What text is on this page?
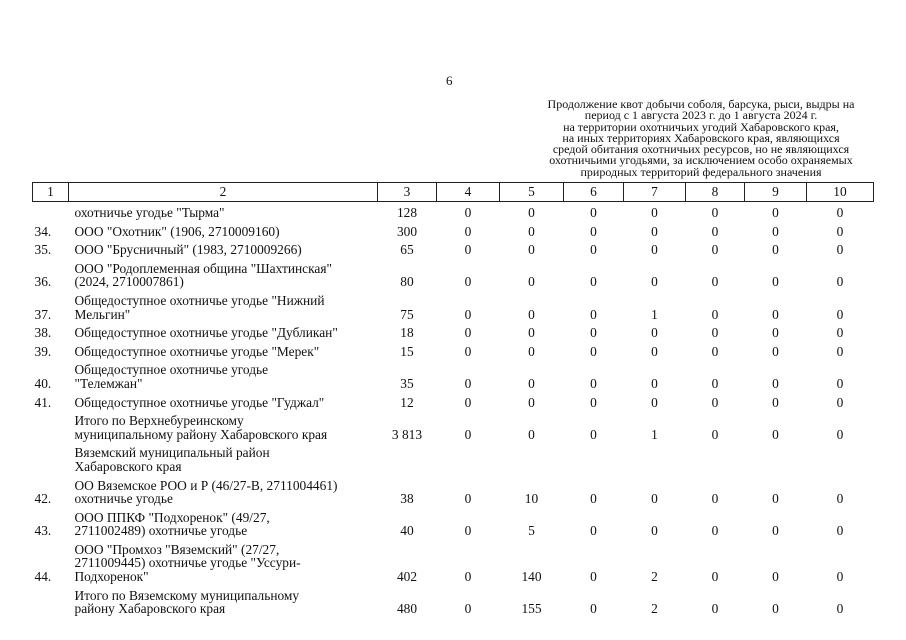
6
Продолжение квот добычи соболя, барсука, рыси, выдры на
период с 1 августа 2023 г. до 1 августа 2024 г.
на территории охотничьих угодий Хабаровского края,
на иных территориях Хабаровского края, являющихся
средой обитания охотничьих ресурсов, но не являющихся
охотничьими угодьями, за исключением особо охраняемых
природных территорий федерального значения
1	2	3	4	5	6	7	8	9	10

	охотничье угодье "Тырма"	128	0	0	0	0	0	0	0
34.	ООО "Охотник" (1906, 2710009160)	300	0	0	0	0	0	0	0
35.	ООО "Брусничный" (1983, 2710009266)	65	0	0	0	0	0	0	0
36.	ООО "Родоплеменная община "Шахтинская"
(2024, 2710007861)	80	0	0	0	0	0	0	0
37.	Общедоступное охотничье угодье "Нижний
Мельгин"	75	0	0	0	1	0	0	0
38.	Общедоступное охотничье угодье "Дубликан"	18	0	0	0	0	0	0	0
39.	Общедоступное охотничье угодье "Мерек"	15	0	0	0	0	0	0	0
40.	Общедоступное охотничье угодье
"Телемжан"	35	0	0	0	0	0	0	0
41.	Общедоступное охотничье угодье "Гуджал"	12	0	0	0	0	0	0	0

	Итого по Верхнебуреинскому
муниципальному району Хабаровского края	3 813	0	0	0	1	0	0	0

	Вяземский муниципальный район
Хабаровского края								

42.	ОО Вяземское РОО и Р (46/27-В, 2711004461)
охотничье угодье	38	0	10	0	0	0	0	0
43.	ООО ППКФ "Подхоренок" (49/27,
2711002489) охотничье угодье	40	0	5	0	0	0	0	0
44.	ООО "Промхоз "Вяземский" (27/27,
2711009445) охотничье угодье "Уссури-
Подхоренок"	402	0	140	0	2	0	0	0

	Итого по Вяземскому муниципальному
району Хабаровского края	480	0	155	0	2	0	0	0
